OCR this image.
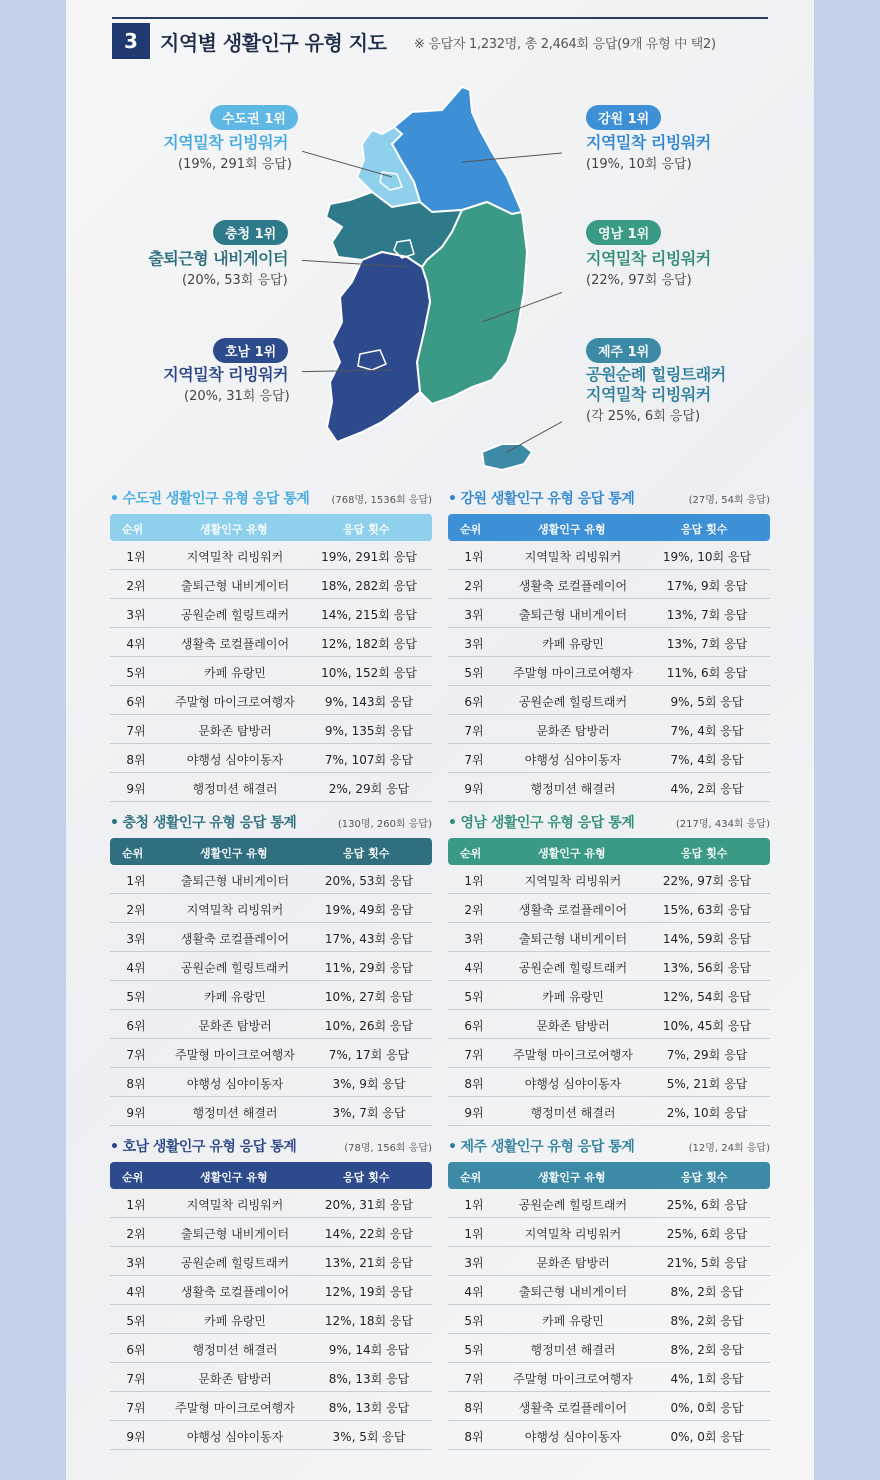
3	지역별 생활인구 유형 지도 ※ 응답자 1,232명, 총 2,464회 응답(9개 유형 中 택2)
수도권 1위
지역밀착 리빙워커
(19%, 291회 응답)
충청 1위
출퇴근형 내비게이터
(20%, 53회 응답)
호남 1위
지역밀착 리빙워커
(20%, 31회 응답)
강원 1위
지역밀착 리빙워커
(19%, 10회 응답)
영남 1위
지역밀착 리빙워커
(22%, 97회 응답)
제주 1위
공원순례 힐링트래커
지역밀착 리빙워커
(각 25%, 6회 응답)
• 수도권 생활인구 유형 응답 통계 (768명, 1536회 응답)
순위	생활인구 유형	응답 횟수
1위	지역밀착 리빙워커	19%, 291회 응답
2위	출퇴근형 내비게이터	18%, 282회 응답
3위	공원순례 힐링트래커	14%, 215회 응답
4위	생활축 로컬플레이어	12%, 182회 응답
5위	카페 유랑민	10%, 152회 응답
6위	주말형 마이크로여행자	9%, 143회 응답
7위	문화존 탐방러	9%, 135회 응답
8위	야행성 심야이동자	7%, 107회 응답
9위	행정미션 해결러	2%, 29회 응답
• 강원 생활인구 유형 응답 통계	(27명, 54회 응답)
순위	생활인구 유형	응답 횟수
1위	지역밀착 리빙워커	19%, 10회 응답
2위	생활축 로컬플레이어	17%, 9회 응답
3위	출퇴근형 내비게이터	13%, 7회 응답
3위	카페 유랑민	13%, 7회 응답
5위	주말형 마이크로여행자	11%, 6회 응답
6위	공원순례 힐링트래커	9%, 5회 응답
7위	문화존 탐방러	7%, 4회 응답
7위	야행성 심야이동자	7%, 4회 응답
9위	행정미션 해결러	4%, 2회 응답
• 충청 생활인구 유형 응답 통계	(130명, 260회 응답)
순위	생활인구 유형	응답 횟수
1위	출퇴근형 내비게이터	20%, 53회 응답
2위	지역밀착 리빙워커	19%, 49회 응답
3위	생활축 로컬플레이어	17%, 43회 응답
4위	공원순례 힐링트래커	11%, 29회 응답
5위	카페 유랑민	10%, 27회 응답
6위	문화존 탐방러	10%, 26회 응답
7위	주말형 마이크로여행자	7%, 17회 응답
8위	야행성 심야이동자	3%, 9회 응답
9위	행정미션 해결러	3%, 7회 응답
• 영남 생활인구 유형 응답 통계	(217명, 434회 응답)
순위	생활인구 유형	응답 횟수
1위	지역밀착 리빙워커	22%, 97회 응답
2위	생활축 로컬플레이어	15%, 63회 응답
3위	출퇴근형 내비게이터	14%, 59회 응답
4위	공원순례 힐링트래커	13%, 56회 응답
5위	카페 유랑민	12%, 54회 응답
6위	문화존 탐방러	10%, 45회 응답
7위	주말형 마이크로여행자	7%, 29회 응답
8위	야행성 심야이동자	5%, 21회 응답
9위	행정미션 해결러	2%, 10회 응답
• 호남 생활인구 유형 응답 통계	(78명, 156회 응답)
순위	생활인구 유형	응답 횟수
1위	지역밀착 리빙워커	20%, 31회 응답
2위	출퇴근형 내비게이터	14%, 22회 응답
3위	공원순례 힐링트래커	13%, 21회 응답
4위	생활축 로컬플레이어	12%, 19회 응답
5위	카페 유랑민	12%, 18회 응답
6위	행정미션 해결러	9%, 14회 응답
7위	문화존 탐방러	8%, 13회 응답
7위	주말형 마이크로여행자	8%, 13회 응답
9위	야행성 심야이동자	3%, 5회 응답
• 제주 생활인구 유형 응답 통계	(12명, 24회 응답)
순위	생활인구 유형	응답 횟수
1위	공원순례 힐링트래커	25%, 6회 응답
1위	지역밀착 리빙워커	25%, 6회 응답
3위	문화존 탐방러	21%, 5회 응답
4위	출퇴근형 내비게이터	8%, 2회 응답
5위	카페 유랑민	8%, 2회 응답
5위	행정미션 해결러	8%, 2회 응답
7위	주말형 마이크로여행자	4%, 1회 응답
8위	생활축 로컬플레이어	0%, 0회 응답
8위	야행성 심야이동자	0%, 0회 응답
